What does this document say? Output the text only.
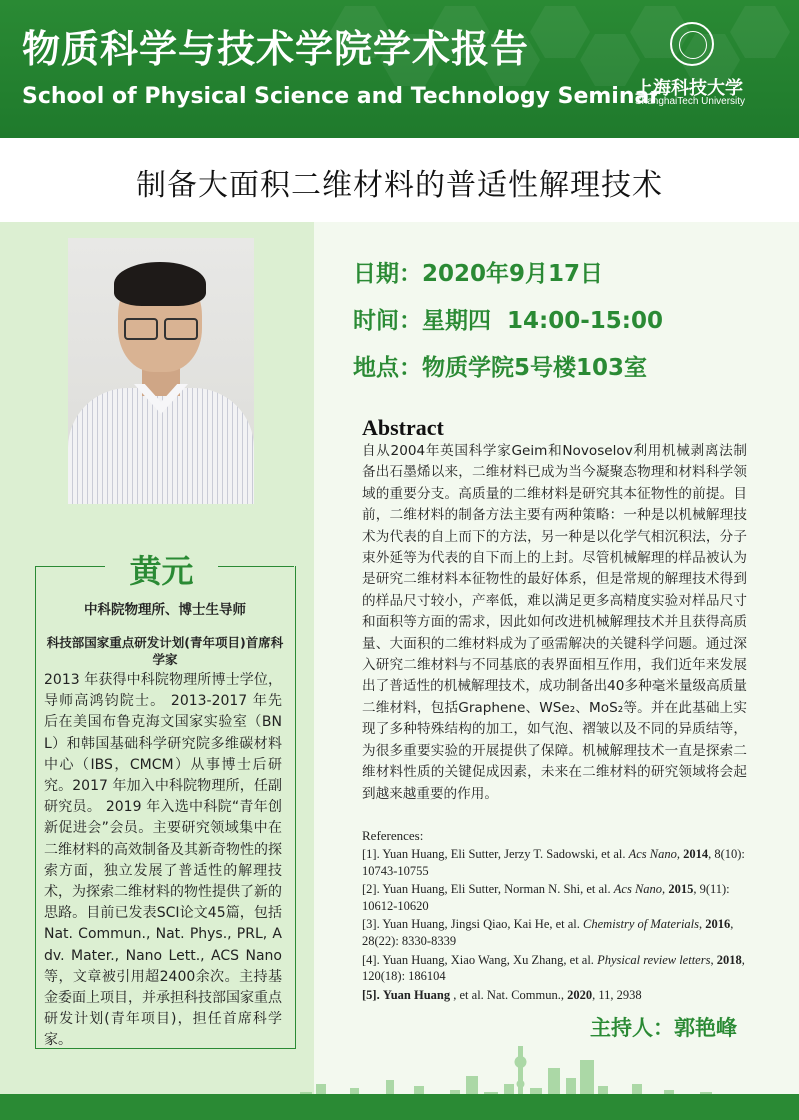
物质科学与技术学院学术报告
School of Physical Science and Technology Seminar
上海科技大学
ShanghaiTech University
制备大面积二维材料的普适性解理技术
黄元
中科院物理所、博士生导师
科技部国家重点研发计划(青年项目)首席科学家
2013 年获得中科院物理所博士学位，导师高鸿钧院士。 2013-2017 年先后在美国布鲁克海文国家实验室（BNL）和韩国基础科学研究院多维碳材料中心（IBS，CMCM）从事博士后研究。2017 年加入中科院物理所，任副研究员。 2019 年入选中科院“青年创新促进会”会员。主要研究领域集中在二维材料的高效制备及其新奇物性的探索方面，独立发展了普适性的解理技术，为探索二维材料的物性提供了新的思路。目前已发表SCI论文45篇，包括Nat. Commun., Nat. Phys., PRL, Adv. Mater., Nano Lett., ACS Nano 等，文章被引用超2400余次。主持基金委面上项目，并承担科技部国家重点研发计划(青年项目)，担任首席科学家。
日期：2020年9月17日
时间：星期四  14:00-15:00
地点：物质学院5号楼103室
Abstract
自从2004年英国科学家Geim和Novoselov利用机械剥离法制备出石墨烯以来，二维材料已成为当今凝聚态物理和材料科学领域的重要分支。高质量的二维材料是研究其本征物性的前提。目前，二维材料的制备方法主要有两种策略：一种是以机械解理技术为代表的自上而下的方法，另一种是以化学气相沉积法，分子束外延等为代表的自下而上的上封。尽管机械解理的样品被认为是研究二维材料本征物性的最好体系，但是常规的解理技术得到的样品尺寸较小，产率低，难以满足更多高精度实验对样品尺寸和面积等方面的需求，因此如何改进机械解理技术并且获得高质量、大面积的二维材料成为了亟需解决的关键科学问题。通过深入研究二维材料与不同基底的表界面相互作用，我们近年来发展出了普适性的机械解理技术，成功制备出40多种毫米量级高质量二维材料，包括Graphene、WSe₂、MoS₂等。并在此基础上实现了多种特殊结构的加工，如气泡、褶皱以及不同的异质结等，为很多重要实验的开展提供了保障。机械解理技术一直是探索二维材料性质的关键促成因素，未来在二维材料的研究领域将会起到越来越重要的作用。
References:
[1]. Yuan Huang, Eli Sutter, Jerzy T. Sadowski, et al. Acs Nano, 2014, 8(10): 10743-10755
[2]. Yuan Huang, Eli Sutter, Norman N. Shi, et al. Acs Nano, 2015, 9(11): 10612-10620
[3]. Yuan Huang, Jingsi Qiao, Kai He, et al. Chemistry of Materials, 2016, 28(22): 8330-8339
[4]. Yuan Huang, Xiao Wang, Xu Zhang, et al. Physical review letters, 2018, 120(18): 186104
[5]. Yuan Huang , et al. Nat. Commun., 2020, 11, 2938
主持人：郭艳峰
